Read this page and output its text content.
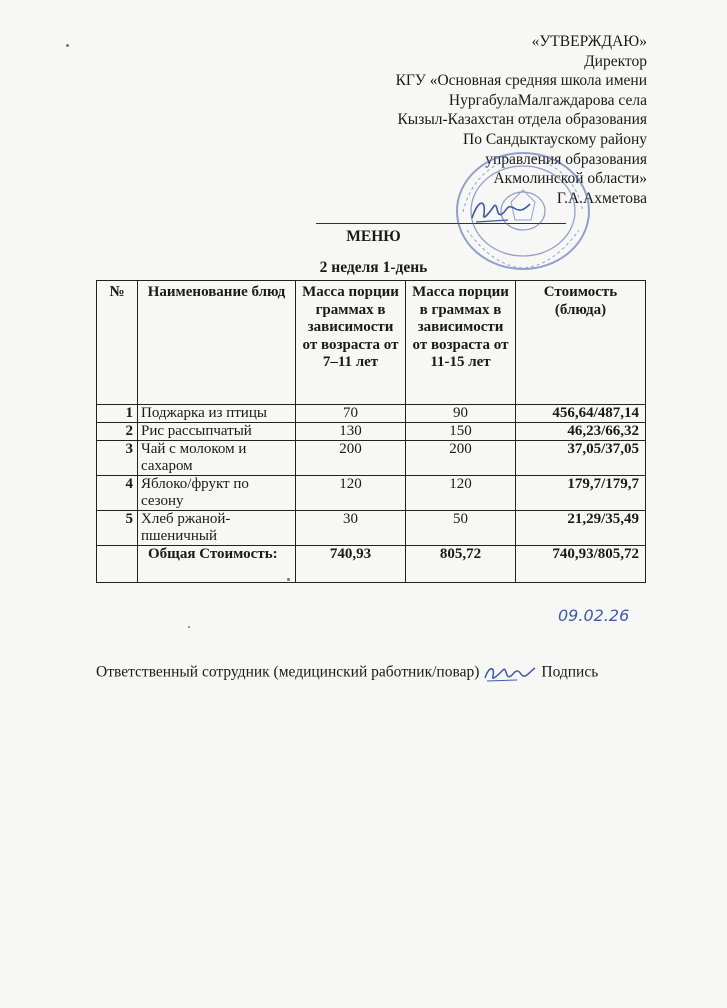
«УТВЕРЖДАЮ»
Директор
КГУ «Основная средняя школа имени
НургабулаМалгаждарова села
Кызыл-Казахстан отдела образования
По Сандыктаускому району
управления образования
Акмолинской области»
Г.А.Ахметова
МЕНЮ
2 неделя 1-день
№	Наименование блюд	Масса порции граммах в зависимости от возраста от 7–11 лет	Масса порции в граммах в зависимости от возраста от 11-15 лет	Стоимость (блюда)
1	Поджарка из птицы	70	90	456,64/487,14
2	Рис рассыпчатый	130	150	46,23/66,32
3	Чай с молоком и сахаром	200	200	37,05/37,05
4	Яблоко/фрукт по сезону	120	120	179,7/179,7
5	Хлеб ржаной-пшеничный	30	50	21,29/35,49
	Общая Стоимость:	740,93	805,72	740,93/805,72
09.02.26
Ответственный сотрудник (медицинский работник/повар)	Подпись
